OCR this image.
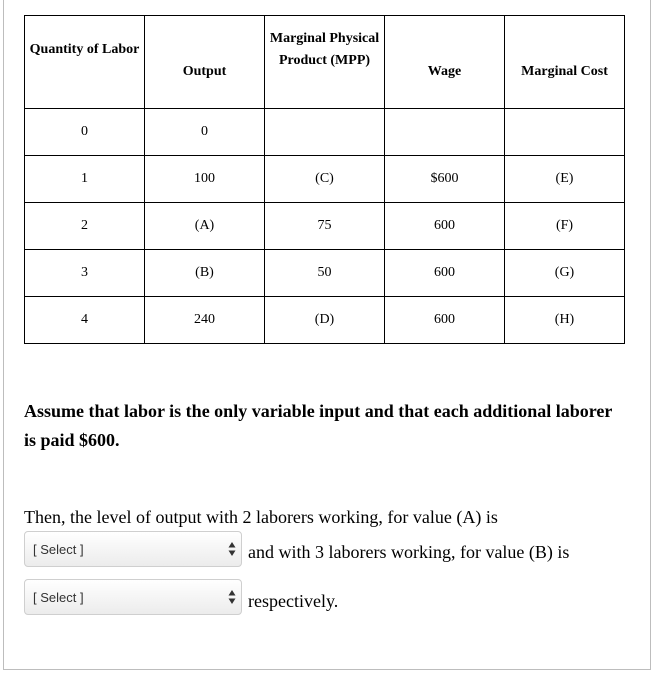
Quantity of Labor	Output	Marginal Physical
Product (MPP)	Wage	Marginal Cost

0	0			
1	100	(C)	$600	(E)
2	(A)	75	600	(F)
3	(B)	50	600	(G)
4	240	(D)	600	(H)
Assume that labor is the only variable input and that each additional laborer is paid $600.
Then, the level of output with 2 laborers working, for value (A) is
[ Select ]	and with 3 laborers working, for value (B) is
[ Select ]	respectively.
